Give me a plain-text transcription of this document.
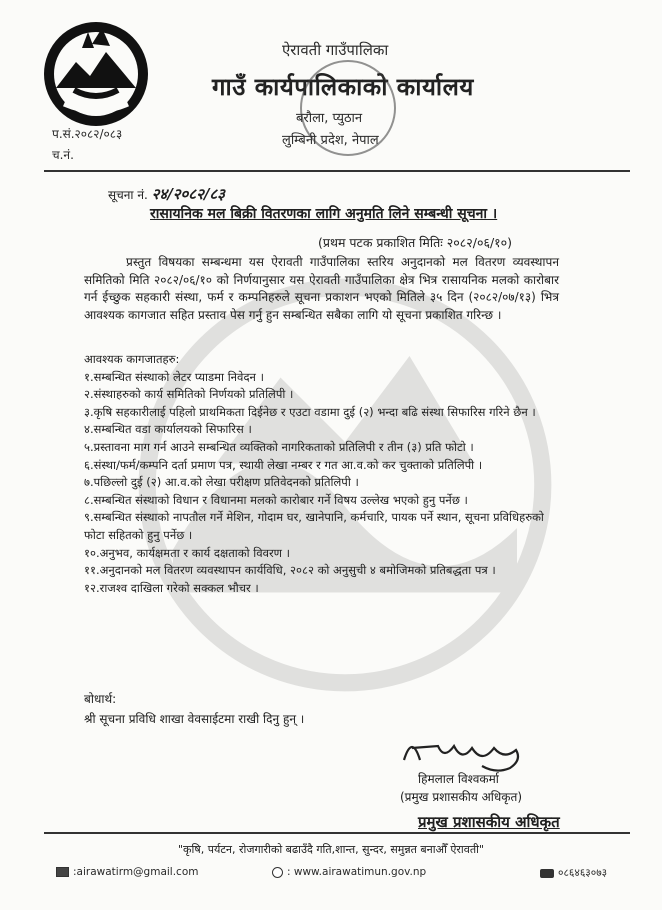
ऐरावती गाउँपालिका
गाउँ कार्यपालिकाको कार्यालय
बरौला, प्युठान
लुम्बिनी प्रदेश, नेपाल
प.सं.२०८२/०८३
च.नं.
सूचना नं. २४/२०८२/८३
रासायनिक मल बिक्री वितरणका लागि अनुमति लिने सम्बन्धी सूचना ।
(प्रथम पटक प्रकाशित मितिः २०८२/०६/१०)

प्रस्तुत विषयका सम्बन्धमा यस ऐरावती गाउँपालिका स्तरिय अनुदानको मल वितरण व्यवस्थापन समितिको मिति २०८२/०६/१० को निर्णयानुसार यस ऐरावती गाउँपालिका क्षेत्र भित्र रासायनिक मलको कारोबार गर्न ईच्छुक सहकारी संस्था, फर्म र कम्पनिहरुले सूचना प्रकाशन भएको मितिले ३५ दिन (२०८२/०७/१३) भित्र आवश्यक कागजात सहित प्रस्ताव पेस गर्नु हुन सम्बन्धित सबैका लागि यो सूचना प्रकाशित गरिन्छ ।

आवश्यक कागजातहरु:
१.सम्बन्धित संस्थाको लेटर प्याडमा निवेदन ।
२.संस्थाहरुको कार्य समितिको निर्णयको प्रतिलिपी ।
३.कृषि सहकारीलाई पहिलो प्राथमिकता दिईनेछ र एउटा वडामा दुई (२) भन्दा बढि संस्था सिफारिस गरिने छैन ।
४.सम्बन्धित वडा कार्यालयको सिफारिस ।
५.प्रस्तावना माग गर्न आउने सम्बन्धित व्यक्तिको नागरिकताको प्रतिलिपी र तीन (३) प्रति फोटो ।
६.संस्था/फर्म/कम्पनि दर्ता प्रमाण पत्र, स्थायी लेखा नम्बर र गत आ.व.को कर चुक्ताको प्रतिलिपी ।
७.पछिल्लो दुई (२) आ.व.को लेखा परीक्षण प्रतिवेदनको प्रतिलिपी ।
८.सम्बन्धित संस्थाको विधान र विधानमा मलको कारोबार गर्ने विषय उल्लेख भएको हुनु पर्नेछ ।
९.सम्बन्धित संस्थाको नापतौल गर्ने मेशिन, गोदाम घर, खानेपानि, कर्मचारि, पायक पर्ने स्थान, सूचना प्रविधिहरुको फोटा सहितको हुनु पर्नेछ ।
१०.अनुभव, कार्यक्षमता र कार्य दक्षताको विवरण ।
११.अनुदानको मल वितरण व्यवस्थापन कार्यविधि, २०८२ को अनुसुची ४ बमोजिमको प्रतिबद्धता पत्र ।
१२.राजश्व दाखिला गरेको सक्कल भौचर ।
बोधार्थ:
श्री सूचना प्रविधि शाखा वेवसाईटमा राखी दिनु हुन् ।
हिमलाल विश्वकर्मा
(प्रमुख प्रशासकीय अधिकृत)
प्रमुख प्रशासकीय अधिकृत
"कृषि, पर्यटन, रोजगारीको बढाउँदै गति,शान्त, सुन्दर, समुन्नत बनाऔँ ऐरावती"
:airawatirm@gmail.com	: www.airawatimun.gov.np	०८६४६३०७३
